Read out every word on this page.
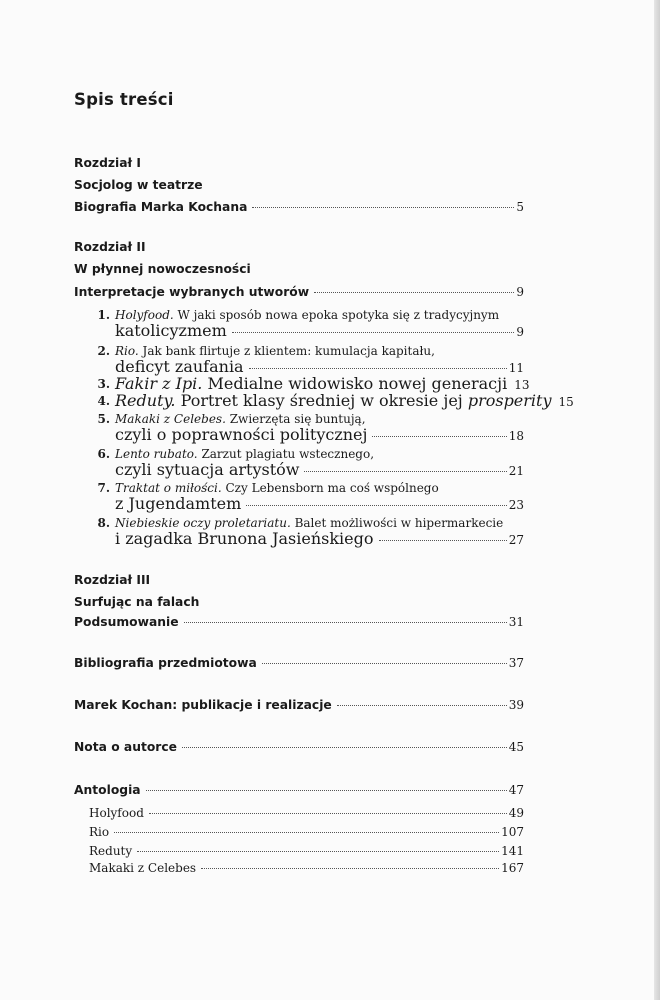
Spis treści
Rozdział I
Socjolog w teatrze
Biografia Marka Kochana	5
Rozdział II
W płynnej nowoczesności
Interpretacje wybranych utworów	9
1. Holyfood. W jaki sposób nowa epoka spotyka się z tradycyjnym
katolicyzmem	9
2. Rio. Jak bank flirtuje z klientem: kumulacja kapitału,
deficyt zaufania	11
3. Fakir z Ipi. Medialne widowisko nowej generacji 13
4. Reduty. Portret klasy średniej w okresie jej prosperity 15
5. Makaki z Celebes. Zwierzęta się buntują,
czyli o poprawności politycznej	18
6. Lento rubato. Zarzut plagiatu wstecznego,
czyli sytuacja artystów	21
7. Traktat o miłości. Czy Lebensborn ma coś wspólnego
z Jugendamtem	23
8. Niebieskie oczy proletariatu. Balet możliwości w hipermarkecie
i zagadka Brunona Jasieńskiego	27
Rozdział III
Surfując na falach
Podsumowanie	31
Bibliografia przedmiotowa	37
Marek Kochan: publikacje i realizacje	39
Nota o autorce	45
Antologia	47
Holyfood	49
Rio	107
Reduty	141
Makaki z Celebes	167
